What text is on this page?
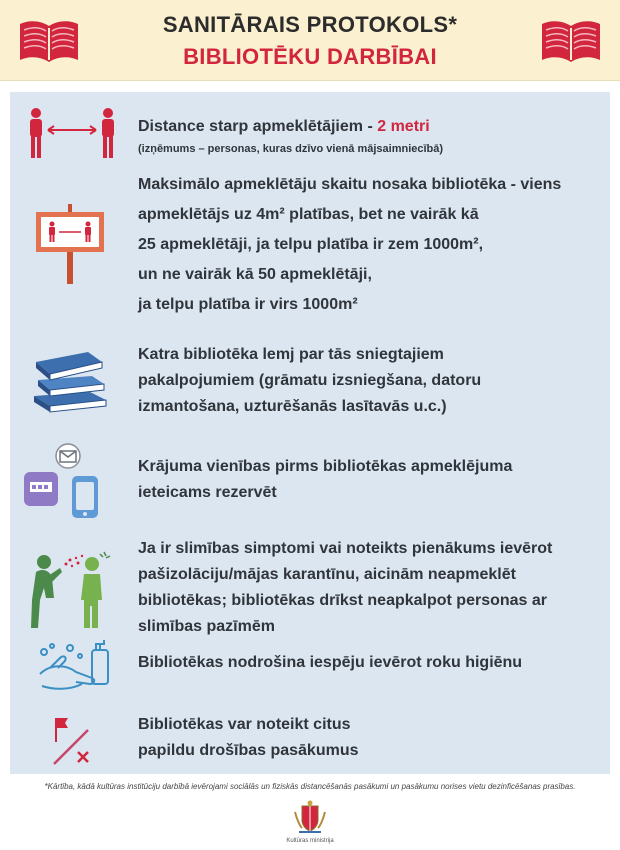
SANITĀRAIS PROTOKOLS*
BIBLIOTĒKU DARBĪBAI
Distance starp apmeklētājiem - 2 metri
(izņēmums – personas, kuras dzīvo vienā mājsaimniecībā)
Maksimālo apmeklētāju skaitu nosaka bibliotēka - viens
apmeklētājs uz 4m² platības, bet ne vairāk kā
25 apmeklētāji, ja telpu platība ir zem 1000m²,
un ne vairāk kā 50 apmeklētāji,
ja telpu platība ir virs 1000m²
Katra bibliotēka lemj par tās sniegtajiem
pakalpojumiem (grāmatu izsniegšana, datoru
izmantošana, uzturēšanās lasītavās u.c.)
Krājuma vienības pirms bibliotēkas apmeklējuma
ieteicams rezervēt
Ja ir slimības simptomi vai noteikts pienākums ievērot
pašizolāciju/mājas karantīnu, aicinām neapmeklēt
bibliotēkas; bibliotēkas drīkst neapkalpot personas ar
slimības pazīmēm
Bibliotēkas nodrošina iespēju ievērot roku higiēnu
Bibliotēkas var noteikt citus
papildu drošības pasākumus
*Kārtība, kādā kultūras institūciju darbībā ievērojami sociālās un fiziskās distancēšanās pasākumi un pasākumu norises vietu dezinficēšanas prasības.
Kultūras ministrija
